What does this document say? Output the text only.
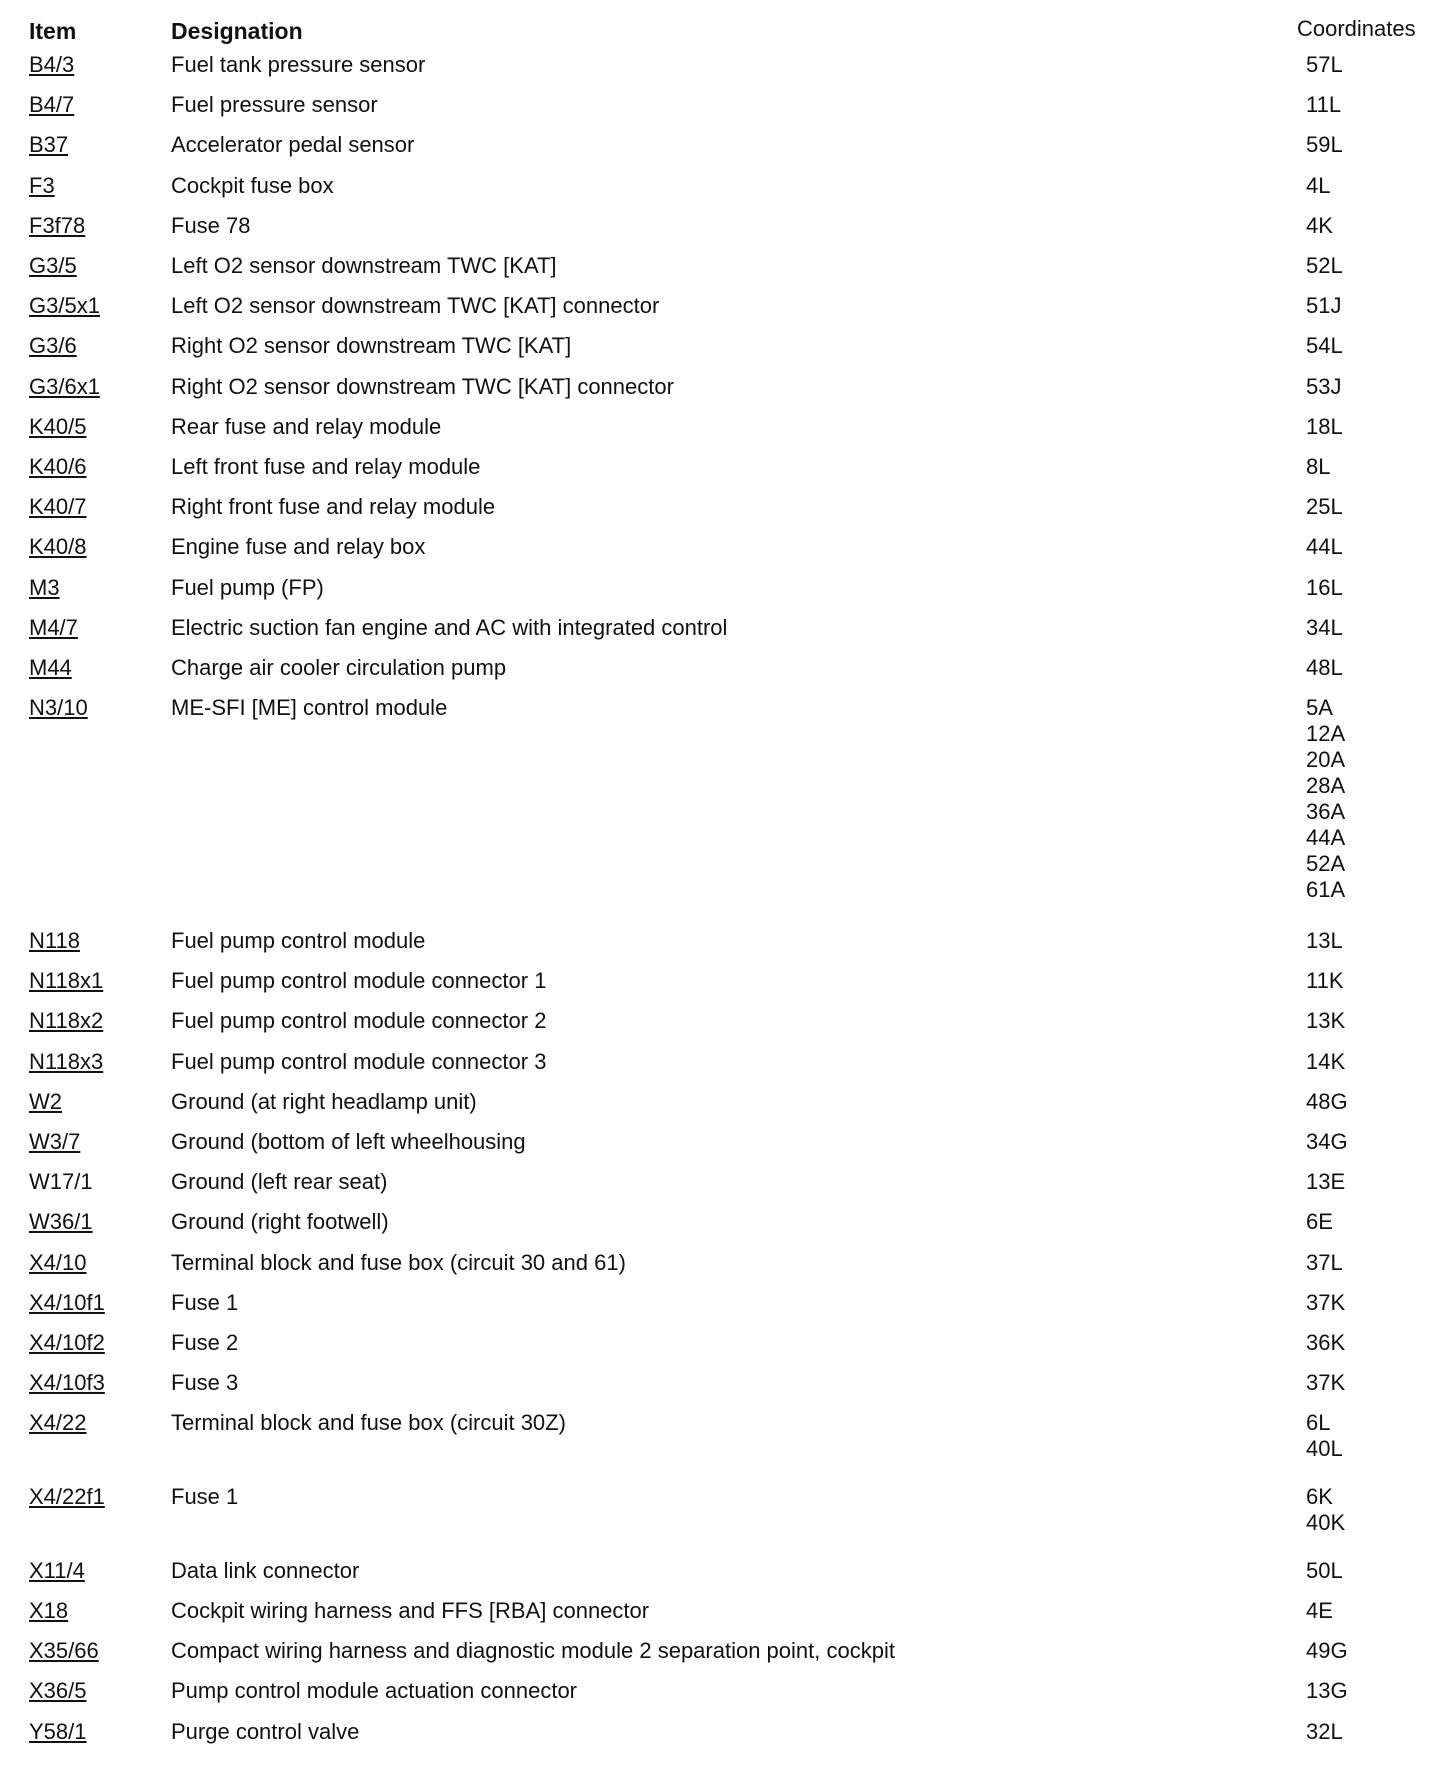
Item	Designation	Coordinates
B4/3	Fuel tank pressure sensor	57L
B4/7	Fuel pressure sensor	11L
B37	Accelerator pedal sensor	59L
F3	Cockpit fuse box	4L
F3f78	Fuse 78	4K
G3/5	Left O2 sensor downstream TWC [KAT]	52L
G3/5x1	Left O2 sensor downstream TWC [KAT] connector	51J
G3/6	Right O2 sensor downstream TWC [KAT]	54L
G3/6x1	Right O2 sensor downstream TWC [KAT] connector	53J
K40/5	Rear fuse and relay module	18L
K40/6	Left front fuse and relay module	8L
K40/7	Right front fuse and relay module	25L
K40/8	Engine fuse and relay box	44L
M3	Fuel pump (FP)	16L
M4/7	Electric suction fan engine and AC with integrated control	34L
M44	Charge air cooler circulation pump	48L
N3/10	ME-SFI [ME] control module	5A
12A
20A
28A
36A
44A
52A
61A
N118	Fuel pump control module	13L
N118x1	Fuel pump control module connector 1	11K
N118x2	Fuel pump control module connector 2	13K
N118x3	Fuel pump control module connector 3	14K
W2	Ground (at right headlamp unit)	48G
W3/7	Ground (bottom of left wheelhousing	34G
W17/1	Ground (left rear seat)	13E
W36/1	Ground (right footwell)	6E
X4/10	Terminal block and fuse box (circuit 30 and 61)	37L
X4/10f1	Fuse 1	37K
X4/10f2	Fuse 2	36K
X4/10f3	Fuse 3	37K
X4/22	Terminal block and fuse box (circuit 30Z)	6L
40L
X4/22f1	Fuse 1	6K
40K
X11/4	Data link connector	50L
X18	Cockpit wiring harness and FFS [RBA] connector	4E
X35/66	Compact wiring harness and diagnostic module 2 separation point, cockpit	49G
X36/5	Pump control module actuation connector	13G
Y58/1	Purge control valve	32L
